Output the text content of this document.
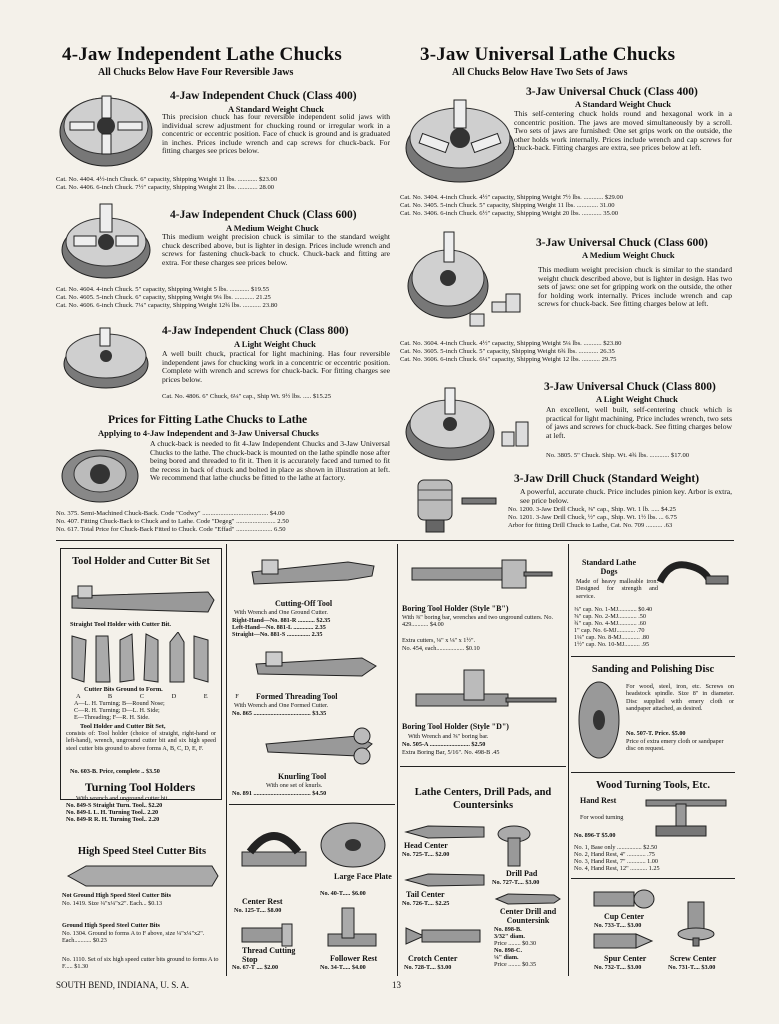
4-Jaw Independent Lathe Chucks
All Chucks Below Have Four Reversible Jaws
3-Jaw Universal Lathe Chucks
All Chucks Below Have Two Sets of Jaws
4-Jaw Independent Chuck (Class 400)
A Standard Weight Chuck
This precision chuck has four reversible independent solid jaws with individual screw adjustment for chucking round or irregular work in a concentric or eccentric position. Face of chuck is ground and is graduated in inches. Prices include wrench and cap screws for chuck-back. For fitting charges see prices below.
Cat. No. 4404. 4½-inch Chuck. 6" capacity, Shipping Weight 11 lbs. ............ $23.00
Cat. No. 4406. 6-inch Chuck. 7½" capacity, Shipping Weight 21 lbs. ............ 28.00
4-Jaw Independent Chuck (Class 600)
A Medium Weight Chuck
This medium weight precision chuck is similar to the standard weight chuck described above, but is lighter in design. Prices include wrench and screws for fastening chuck-back to chuck. Chuck-back and fitting are extra. For these charges see prices below.
Cat. No. 4604. 4-inch Chuck. 5" capacity, Shipping Weight 5 lbs. ............ $19.55
Cat. No. 4605. 5-inch Chuck. 6" capacity, Shipping Weight 9¼ lbs. ............ 21.25
Cat. No. 4606. 6-inch Chuck. 7¼" capacity, Shipping Weight 12¾ lbs. ........... 23.80
4-Jaw Independent Chuck (Class 800)
A Light Weight Chuck
A well built chuck, practical for light machining. Has four reversible independent jaws for chucking work in a concentric or eccentric position. Complete with wrench and screws for chuck-back. For fitting charges see prices below.
Cat. No. 4806. 6" Chuck, 6¼" cap., Ship Wt. 9½ lbs. ..... $15.25
Prices for Fitting Lathe Chucks to Lathe
Applying to 4-Jaw Independent and 3-Jaw Universal Chucks
A chuck-back is needed to fit 4-Jaw Independent Chucks and 3-Jaw Universal Chucks to the lathe. The chuck-back is mounted on the lathe spindle nose after being bored and threaded to fit it. Then it is accurately faced and turned to fit the recess in back of chuck and bolted in place as shown in illustration at left. We recommend that lathe chucks be fitted to the lathe at factory.
No. 375. Semi-Machined Chuck-Back. Code "Codwy" ........................................ $4.00
No. 407. Fitting Chuck-Back to Chuck and to Lathe. Code "Degeg" ........................ 2.50
No. 617. Total Price for Chuck-Back Fitted to Chuck. Code "Effad" ...................... 6.50
3-Jaw Universal Chuck (Class 400)
A Standard Weight Chuck
This self-centering chuck holds round and hexagonal work in a concentric position. The jaws are moved simultaneously by a scroll. Two sets of jaws are furnished: One set grips work on the outside, the other holds work internally. Prices include wrench and cap screws for chuck-back. Fitting charges are extra, see prices below at left.
Cat. No. 3404. 4-inch Chuck. 4½" capacity, Shipping Weight 7½ lbs. ............ $29.00
Cat. No. 3405. 5-inch Chuck. 5" capacity, Shipping Weight 11 lbs. ............. 31.00
Cat. No. 3406. 6-inch Chuck. 6½" capacity, Shipping Weight 20 lbs. ............ 35.00
3-Jaw Universal Chuck (Class 600)
A Medium Weight Chuck
This medium weight precision chuck is similar to the standard weight chuck described above, but is lighter in design. Has two sets of jaws: one set for gripping work on the outside, the other for holding work internally. Prices include wrench and cap screws for chuck-back. See fitting charges below at left.
Cat. No. 3604. 4-inch Chuck. 4½" capacity, Shipping Weight 5¼ lbs. ........... $23.80
Cat. No. 3605. 5-inch Chuck. 5" capacity, Shipping Weight 6¾ lbs. ............ 26.35
Cat. No. 3606. 6-inch Chuck. 6¼" capacity, Shipping Weight 12 lbs. ........... 29.75
3-Jaw Universal Chuck (Class 800)
A Light Weight Chuck
An excellent, well built, self-centering chuck which is practical for light machining. Price includes wrench, two sets of jaws and screws for chuck-back. See fitting charges below at left.
No. 3805. 5" Chuck. Ship. Wt. 4¾ lbs. ............ $17.00
3-Jaw Drill Chuck (Standard Weight)
A powerful, accurate chuck. Price includes pinion key. Arbor is extra, see price below.
No. 1200. 3-Jaw Drill Chuck, ⅜" cap., Ship. Wt. 1 lb. ..... $4.25
No. 1201. 3-Jaw Drill Chuck, ½" cap., Ship. Wt. 1½ lbs. ... 6.75
Arbor for fitting Drill Chuck to Lathe, Cat. No. 709 .......... .63
Tool Holder and Cutter Bit Set
Straight Tool Holder with Cutter Bit.
Cutter Bits Ground to Form.
A B C D E F
A—L. H. Turning; B—Round Nose;
C—R. H. Turning; D—L. H. Side;
E—Threading; F—R. H. Side.
Tool Holder and Cutter Bit Set,
consists of: Tool holder (choice of straight, right-hand or left-hand), wrench, unground cutter bit and six high speed steel cutter bits ground to above forms A, B, C, D, E, F.
No. 603-B. Price, complete .. $3.50
Turning Tool Holders
With wrench and unground cutter bit.
No. 849-S Straight Turn. Tool.. $2.20
No. 849-L L. H. Turning Tool.. 2.20
No. 849-R R. H. Turning Tool.. 2.20
High Speed Steel Cutter Bits
Not Ground High Speed Steel Cutter Bits
No. 1419. Size ¼"x¼"x2". Each... $0.13
Ground High Speed Steel Cutter Bits
No. 1304. Ground to forms A to F above, size ¼"x¼"x2". Each........... $0.23
No. 1110. Set of six high speed cutter bits ground to forms A to F..... $1.30
Cutting-Off Tool
With Wrench and One Ground Cutter.
Right-Hand—No. 881-R ........... $2.35
Left-Hand—No. 881-L ............. 2.35
Straight—No. 881-S ............... 2.35
Formed Threading Tool
With Wrench and One Formed Cutter.
No. 865 ..................................... $3.35
Knurling Tool
With one set of knurls.
No. 891 ..................................... $4.50
Center Rest
No. 125-T.... $8.00
Large Face Plate
No. 40-T..... $6.00
Thread Cutting Stop
No. 67-T .... $2.00
Follower Rest
No. 34-T..... $4.00
Boring Tool Holder (Style "B")
With ⅜" boring bar, wrenches and two unground cutters. No. 429........... $4.00
Extra cutters, ⅛" x ⅛" x 1½".
No. 454, each.................. $0.10
Boring Tool Holder (Style "D")
With Wrench and ⅝" boring bar.
No. 505-A .......................... $2.50
Extra Boring Bar, 5/16". No. 498-B .45
Lathe Centers, Drill Pads, and Countersinks
Head Center
No. 725-T.... $2.00
Tail Center
No. 726-T.... $2.25
Crotch Center
No. 728-T.... $3.00
Drill Pad
No. 727-T.... $3.00
Center Drill and Countersink
No. 898-B.
3/32" diam.
Price ........ $0.30
No. 898-C.
⅛" diam.
Price ........ $0.35
Standard Lathe Dogs
Made of heavy malleable iron. Designed for strength and service.
⅜" cap. No. 1-MJ............ $0.40
⅝" cap. No. 2-MJ............ .50
¾" cap. No. 4-MJ............ .60
1" cap. No. 6-MJ............ .70
1¼" cap. No. 8-MJ............ .80
1½" cap. No. 10-MJ.......... .95
Sanding and Polishing Disc
For wood, steel, iron, etc. Screws on headstock spindle. Size 8" in diameter. Disc supplied with emery cloth or sandpaper attached, as desired.
No. 507-T. Price. $5.00
Price of extra emery cloth or sandpaper disc on request.
Wood Turning Tools, Etc.
Hand Rest
For wood turning
No. 896-T $5.00
No. 1, Base only ................ $2.50
No. 2, Hand Rest, 4" ............ .75
No. 3, Hand Rest, 7" ............ 1.00
No. 4, Hand Rest, 12" ........... 1.25
Cup Center
No. 733-T.... $3.00
Spur Center
No. 732-T.... $3.00
Screw Center
No. 731-T.... $3.00
SOUTH BEND, INDIANA, U. S. A.	13
